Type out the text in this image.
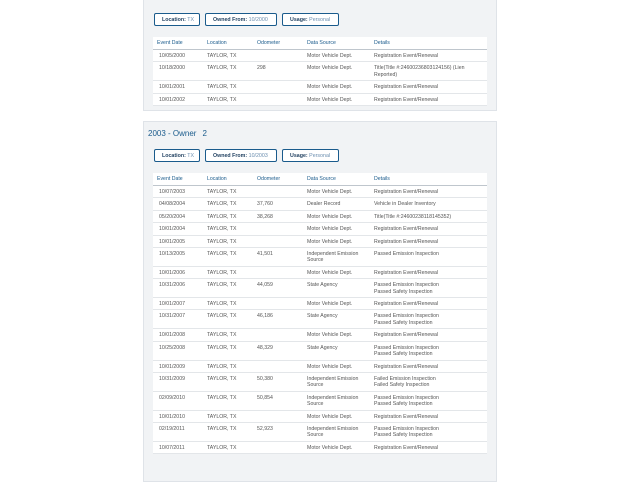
Location: TX	Owned From: 10/2000	Usage: Personal
Event Date	Location	Odometer	Data Source	Details

10/05/2000	TAYLOR, TX		Motor Vehicle Dept.	Registration Event/Renewal

10/18/2000	TAYLOR, TX	298	Motor Vehicle Dept.	Title(Title #:24600236803124156) (Lien Reported)

10/01/2001	TAYLOR, TX		Motor Vehicle Dept.	Registration Event/Renewal

10/01/2002	TAYLOR, TX		Motor Vehicle Dept.	Registration Event/Renewal
2003 - Owner 2
Location: TX	Owned From: 10/2003	Usage: Personal
Event Date	Location	Odometer	Data Source	Details

10/07/2003	TAYLOR, TX		Motor Vehicle Dept.	Registration Event/Renewal

04/08/2004	TAYLOR, TX	37,760	Dealer Record	Vehicle in Dealer Inventory

05/20/2004	TAYLOR, TX	38,268	Motor Vehicle Dept.	Title(Title #:24600238118145352)

10/01/2004	TAYLOR, TX		Motor Vehicle Dept.	Registration Event/Renewal

10/01/2005	TAYLOR, TX		Motor Vehicle Dept.	Registration Event/Renewal

10/13/2005	TAYLOR, TX	41,501	Independent Emission Source	Passed Emission Inspection

10/01/2006	TAYLOR, TX		Motor Vehicle Dept.	Registration Event/Renewal

10/31/2006	TAYLOR, TX	44,059	State Agency	Passed Emission Inspection
Passed Safety Inspection

10/01/2007	TAYLOR, TX		Motor Vehicle Dept.	Registration Event/Renewal

10/31/2007	TAYLOR, TX	46,186	State Agency	Passed Emission Inspection
Passed Safety Inspection

10/01/2008	TAYLOR, TX		Motor Vehicle Dept.	Registration Event/Renewal

10/25/2008	TAYLOR, TX	48,329	State Agency	Passed Emission Inspection
Passed Safety Inspection

10/01/2009	TAYLOR, TX		Motor Vehicle Dept.	Registration Event/Renewal

10/31/2009	TAYLOR, TX	50,380	Independent Emission Source	Failed Emission Inspection
Failed Safety Inspection

02/09/2010	TAYLOR, TX	50,854	Independent Emission Source	Passed Emission Inspection
Passed Safety Inspection

10/01/2010	TAYLOR, TX		Motor Vehicle Dept.	Registration Event/Renewal

02/19/2011	TAYLOR, TX	52,923	Independent Emission Source	Passed Emission Inspection
Passed Safety Inspection

10/07/2011	TAYLOR, TX		Motor Vehicle Dept.	Registration Event/Renewal
